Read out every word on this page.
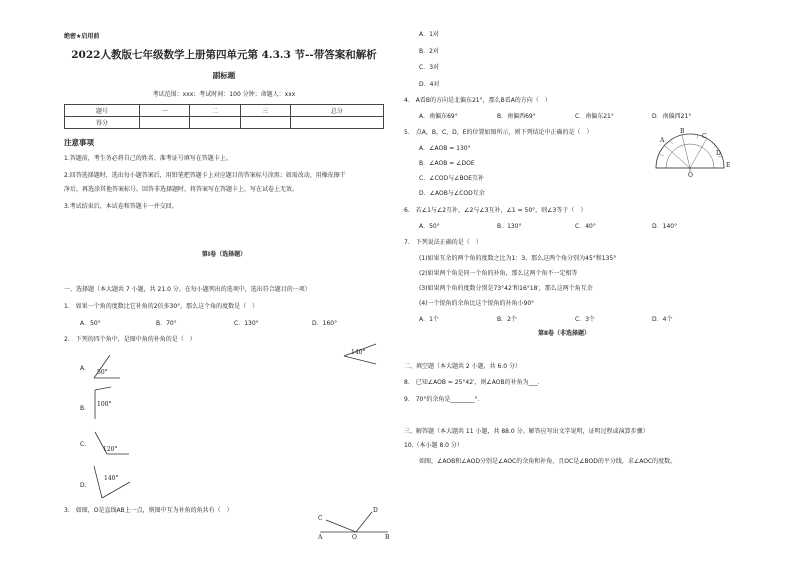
绝密★启用前
2022人教版七年级数学上册第四单元第 4.3.3 节--带答案和解析
副标题
考试范围：xxx；考试时间：100 分钟；命题人：xxx
题号	一	二	三	总分
得分				
注意事项
1.答题前，考生务必将自己的姓名、准考证号填写在答题卡上。
2.回答选择题时，选出每小题答案后，用铅笔把答题卡上对应题目的答案标号涂黑；如需改动，用橡皮擦干
净后，再选涂其他答案标号。回答非选择题时，将答案写在答题卡上，写在试卷上无效。
3.考试结束后，本试卷和答题卡一并交回。
第Ⅰ卷（选择题）
一、选择题（本大题共 7 小题，共 21.0 分。在每小题列出的选项中，选出符合题目的一项）
1.　如果一个角的度数比它补角的2倍多30°，那么这个角的度数是（　）
A．50°	B．70°	C．130°	D．160°
2.　下列的四个角中，是图中角的补角的是（　）
140°
A．
50°
B．
100°
C．
120°
D．
140°
3.　如图，O是直线AB上一点，则图中互为补角的角共有（　）
C
D
A	O	B
A．1对
B．2对
C．3对
D．4对
4.　A看B的方向是北偏东21°，那么B看A的方向（　）
A．南偏东69°	B．南偏西69°	C．南偏东21°	D．南偏西21°
5.　点A，B，C，D，E的位置如图所示，则下列结论中正确的是（　）
A．∠AOB = 130°
B．∠AOB = ∠DOE
C．∠COD与∠BOE互补
D．∠AOB与∠COD互余
B
C
A
D
E
O
6.　若∠1与∠2互补，∠2与∠3互补，∠1 = 50°，则∠3等于（　）
A．50°	B．130°	C．40°	D．140°
7.　下列说法正确的是（　）
(1)如果互余的两个角的度数之比为1：3，那么这两个角分别为45°和135°
(2)如果两个角是同一个角的补角，那么这两个角不一定相等
(3)如果两个角的度数分别是73°42′和16°18′，那么这两个角互余
(4)一个锐角的余角比这个锐角的补角小90°
A．1个	B．2个	C．3个	D．4个
第Ⅱ卷（非选择题）
二、填空题（本大题共 2 小题，共 6.0 分）
8.　已知∠AOB = 25°42′，则∠AOB的补角为___.
9.　70°的余角是________°.
三、解答题（本大题共 11 小题，共 88.0 分。解答应写出文字说明，证明过程或演算步骤）
10.（本小题 8.0 分）
如图，∠AOB和∠AOD分别是∠AOC的余角和补角，且OC是∠BOD的平分线，求∠AOC的度数。
